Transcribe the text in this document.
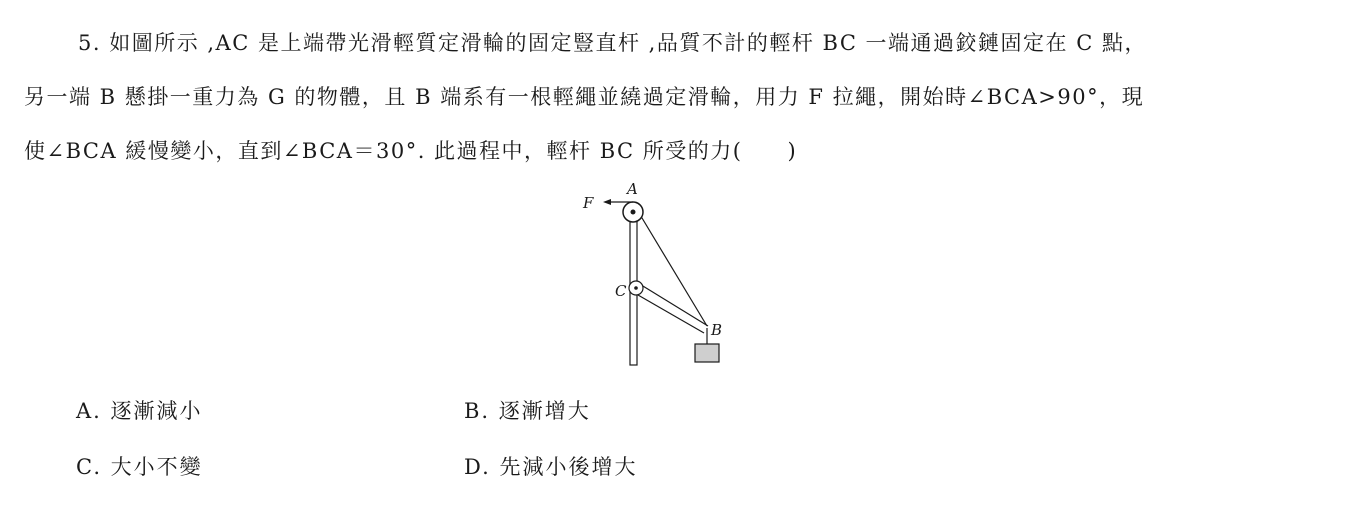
5. 如圖所示 ,AC 是上端帶光滑輕質定滑輪的固定豎直杆 ,品質不計的輕杆 BC 一端通過鉸鏈固定在 C 點，
另一端 B 懸掛一重力為 G 的物體，且 B 端系有一根輕繩並繞過定滑輪，用力 F 拉繩，開始時∠BCA>90°，現
使∠BCA 緩慢變小，直到∠BCA＝30°. 此過程中，輕杆 BC 所受的力(　　)
F
A
C
B
A. 逐漸減小	B. 逐漸增大
C. 大小不變	D. 先減小後增大
